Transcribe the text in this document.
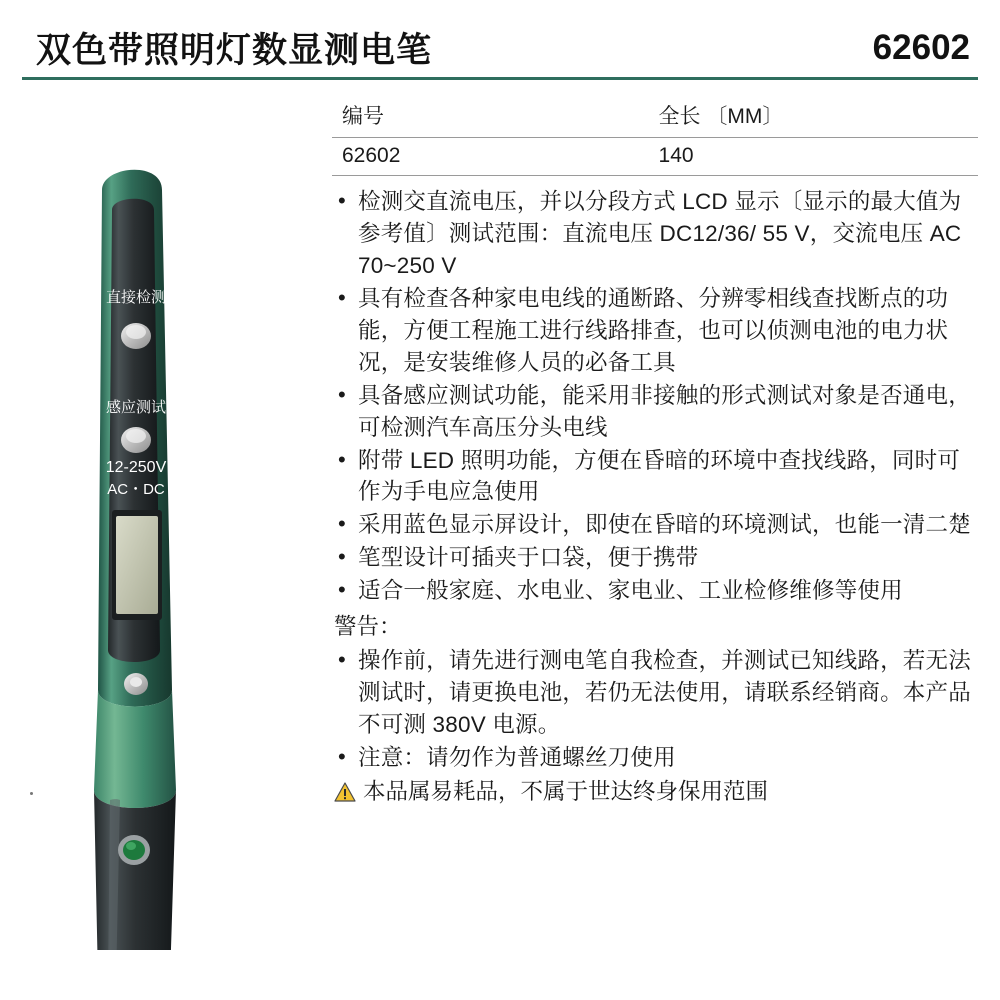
双色带照明灯数显测电笔	62602
直接检测
感应测试
12-250V
AC・DC
编号	全长 〔MM〕
62602	140
• 检测交直流电压，并以分段方式 LCD 显示〔显示的最大值为参考值〕测试范围：直流电压 DC12/36/ 55 V，交流电压 AC 70~250 V
• 具有检查各种家电电线的通断路、分辨零相线查找断点的功能，方便工程施工进行线路排查，也可以侦测电池的电力状况，是安装维修人员的必备工具
• 具备感应测试功能，能采用非接触的形式测试对象是否通电，可检测汽车高压分头电线
• 附带 LED 照明功能，方便在昏暗的环境中查找线路，同时可作为手电应急使用
• 采用蓝色显示屏设计，即使在昏暗的环境测试，也能一清二楚
• 笔型设计可插夹于口袋，便于携带
• 适合一般家庭、水电业、家电业、工业检修维修等使用
警告：
• 操作前，请先进行测电笔自我检查，并测试已知线路，若无法测试时，请更换电池，若仍无法使用，请联系经销商。本产品不可测 380V 电源。
• 注意：请勿作为普通螺丝刀使用
本品属易耗品，不属于世达终身保用范围
